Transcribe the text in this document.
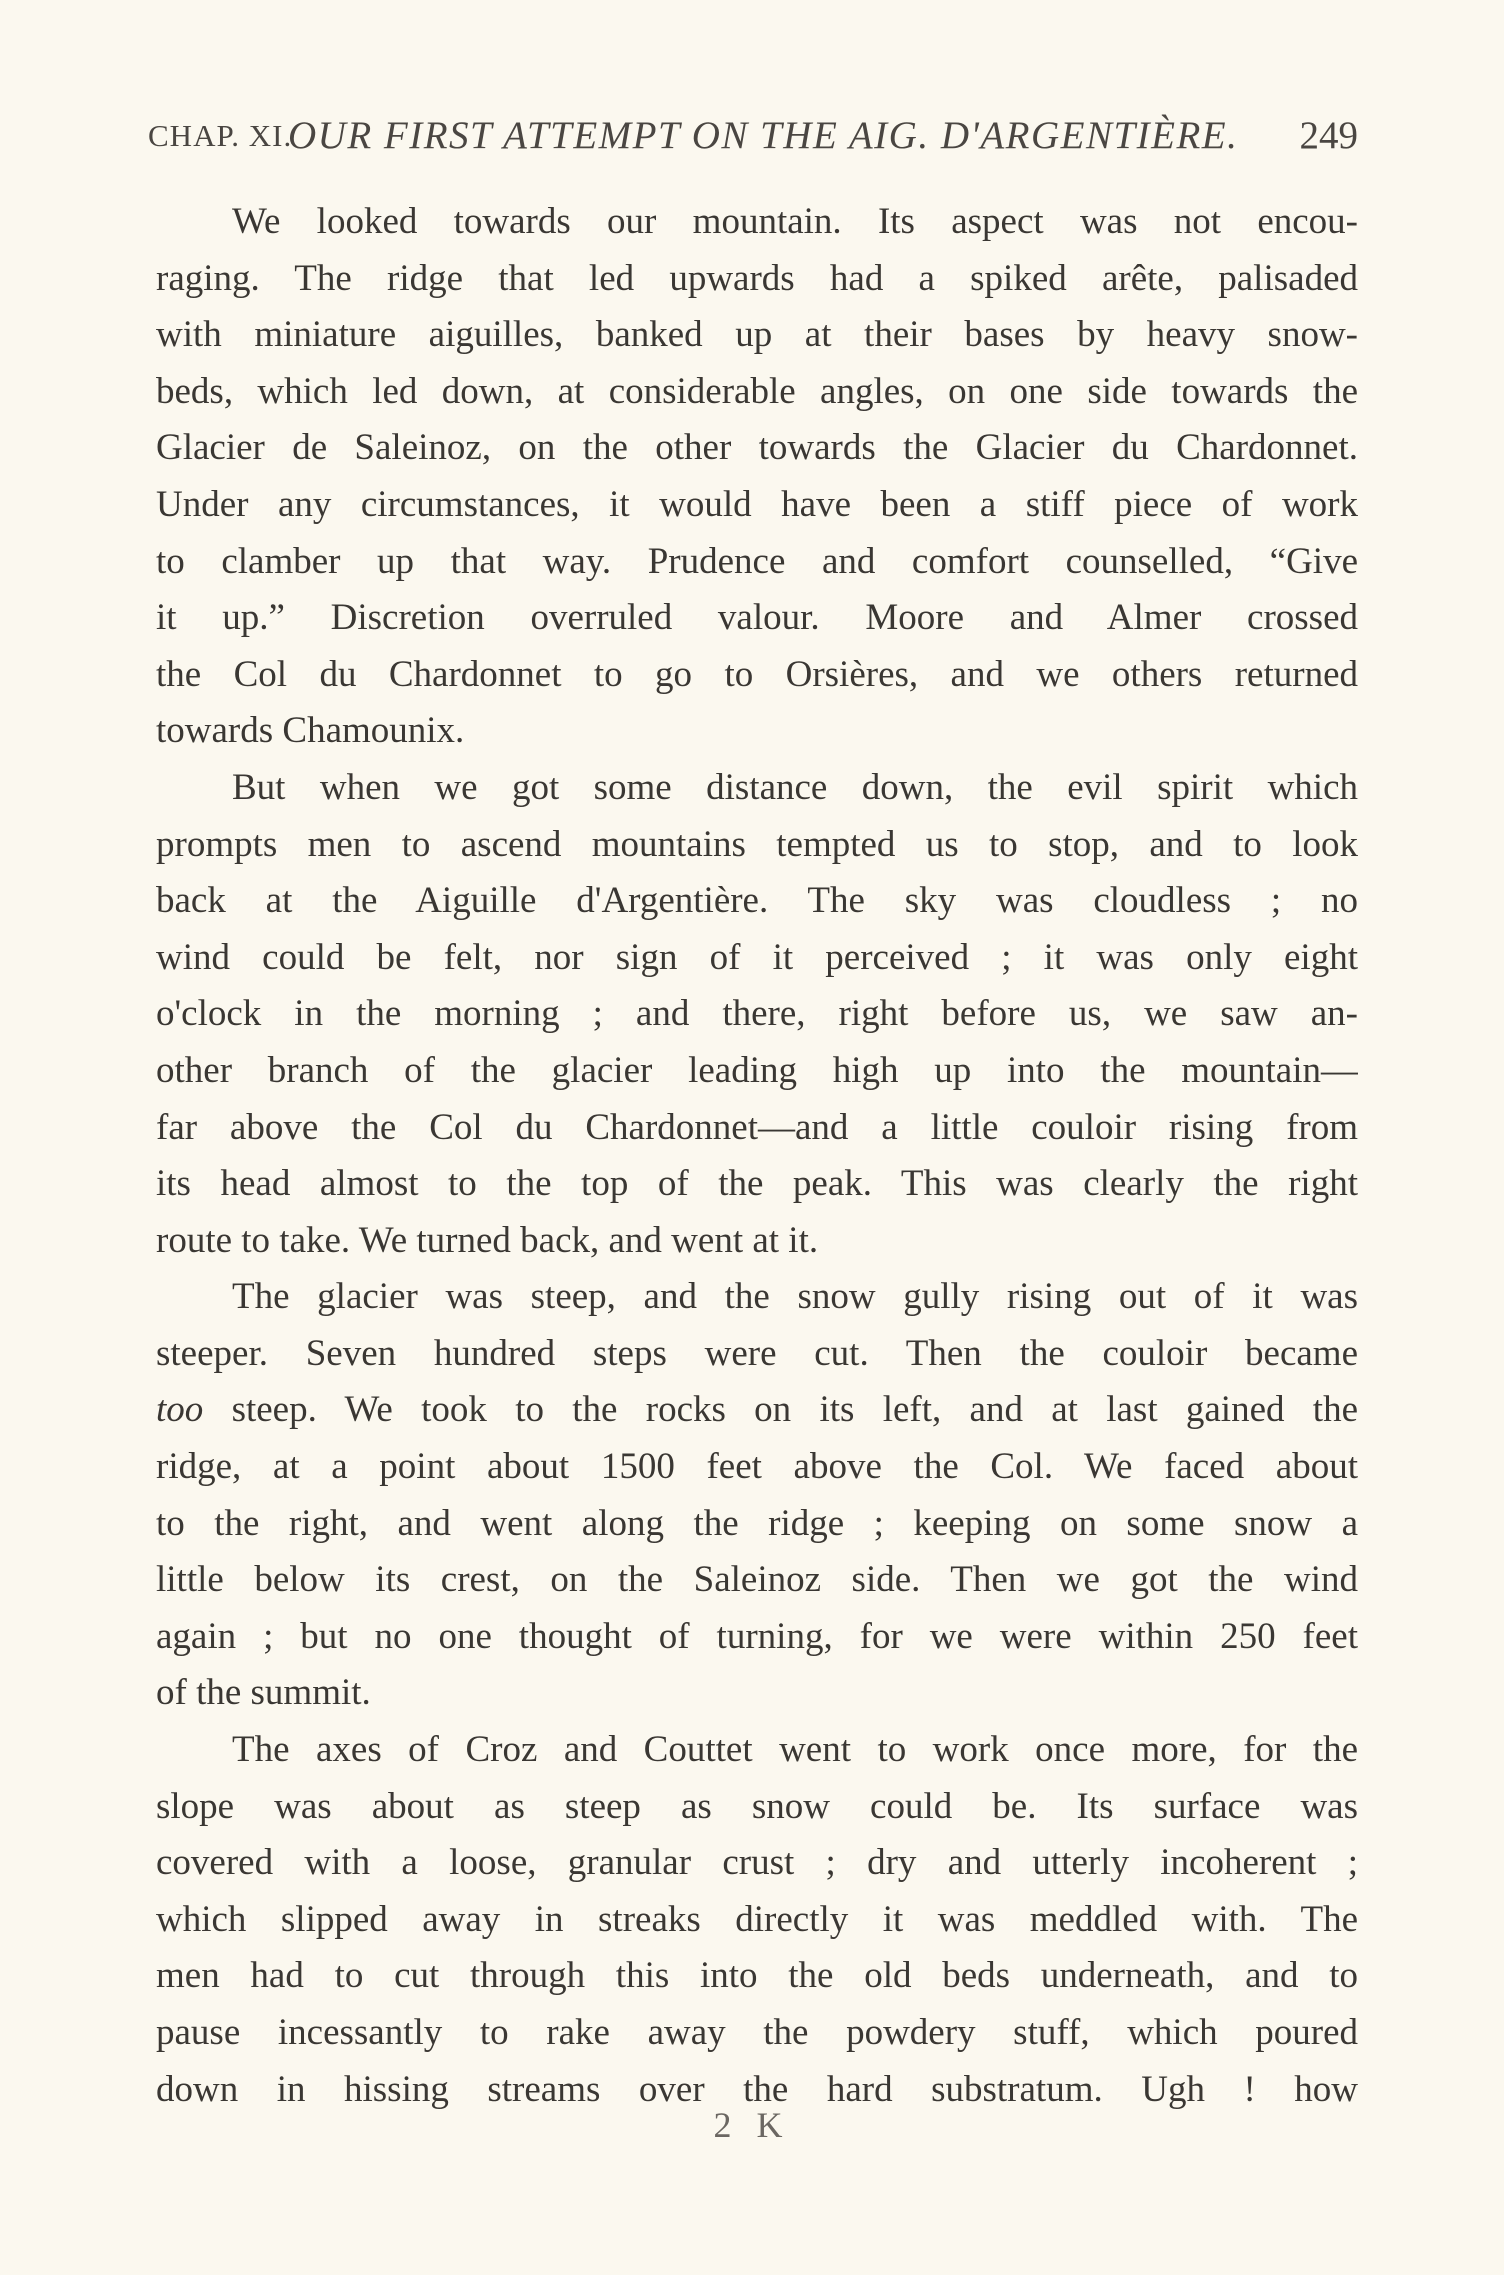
CHAP. XI.
OUR FIRST ATTEMPT ON THE AIG. D'ARGENTIÈRE. 249
We looked towards our mountain. Its aspect was not encou-
raging. The ridge that led upwards had a spiked arête, palisaded
with miniature aiguilles, banked up at their bases by heavy snow-
beds, which led down, at considerable angles, on one side towards the
Glacier de Saleinoz, on the other towards the Glacier du Chardonnet.
Under any circumstances, it would have been a stiff piece of work
to clamber up that way. Prudence and comfort counselled, “Give
it up.” Discretion overruled valour. Moore and Almer crossed
the Col du Chardonnet to go to Orsières, and we others returned
towards Chamounix.
But when we got some distance down, the evil spirit which
prompts men to ascend mountains tempted us to stop, and to look
back at the Aiguille d'Argentière. The sky was cloudless ; no
wind could be felt, nor sign of it perceived ; it was only eight
o'clock in the morning ; and there, right before us, we saw an-
other branch of the glacier leading high up into the mountain—
far above the Col du Chardonnet—and a little couloir rising from
its head almost to the top of the peak. This was clearly the right
route to take. We turned back, and went at it.
The glacier was steep, and the snow gully rising out of it was
steeper. Seven hundred steps were cut. Then the couloir became
too steep. We took to the rocks on its left, and at last gained the
ridge, at a point about 1500 feet above the Col. We faced about
to the right, and went along the ridge ; keeping on some snow a
little below its crest, on the Saleinoz side. Then we got the wind
again ; but no one thought of turning, for we were within 250 feet
of the summit.
The axes of Croz and Couttet went to work once more, for the
slope was about as steep as snow could be. Its surface was
covered with a loose, granular crust ; dry and utterly incoherent ;
which slipped away in streaks directly it was meddled with. The
men had to cut through this into the old beds underneath, and to
pause incessantly to rake away the powdery stuff, which poured
down in hissing streams over the hard substratum. Ugh ! how
2 K
